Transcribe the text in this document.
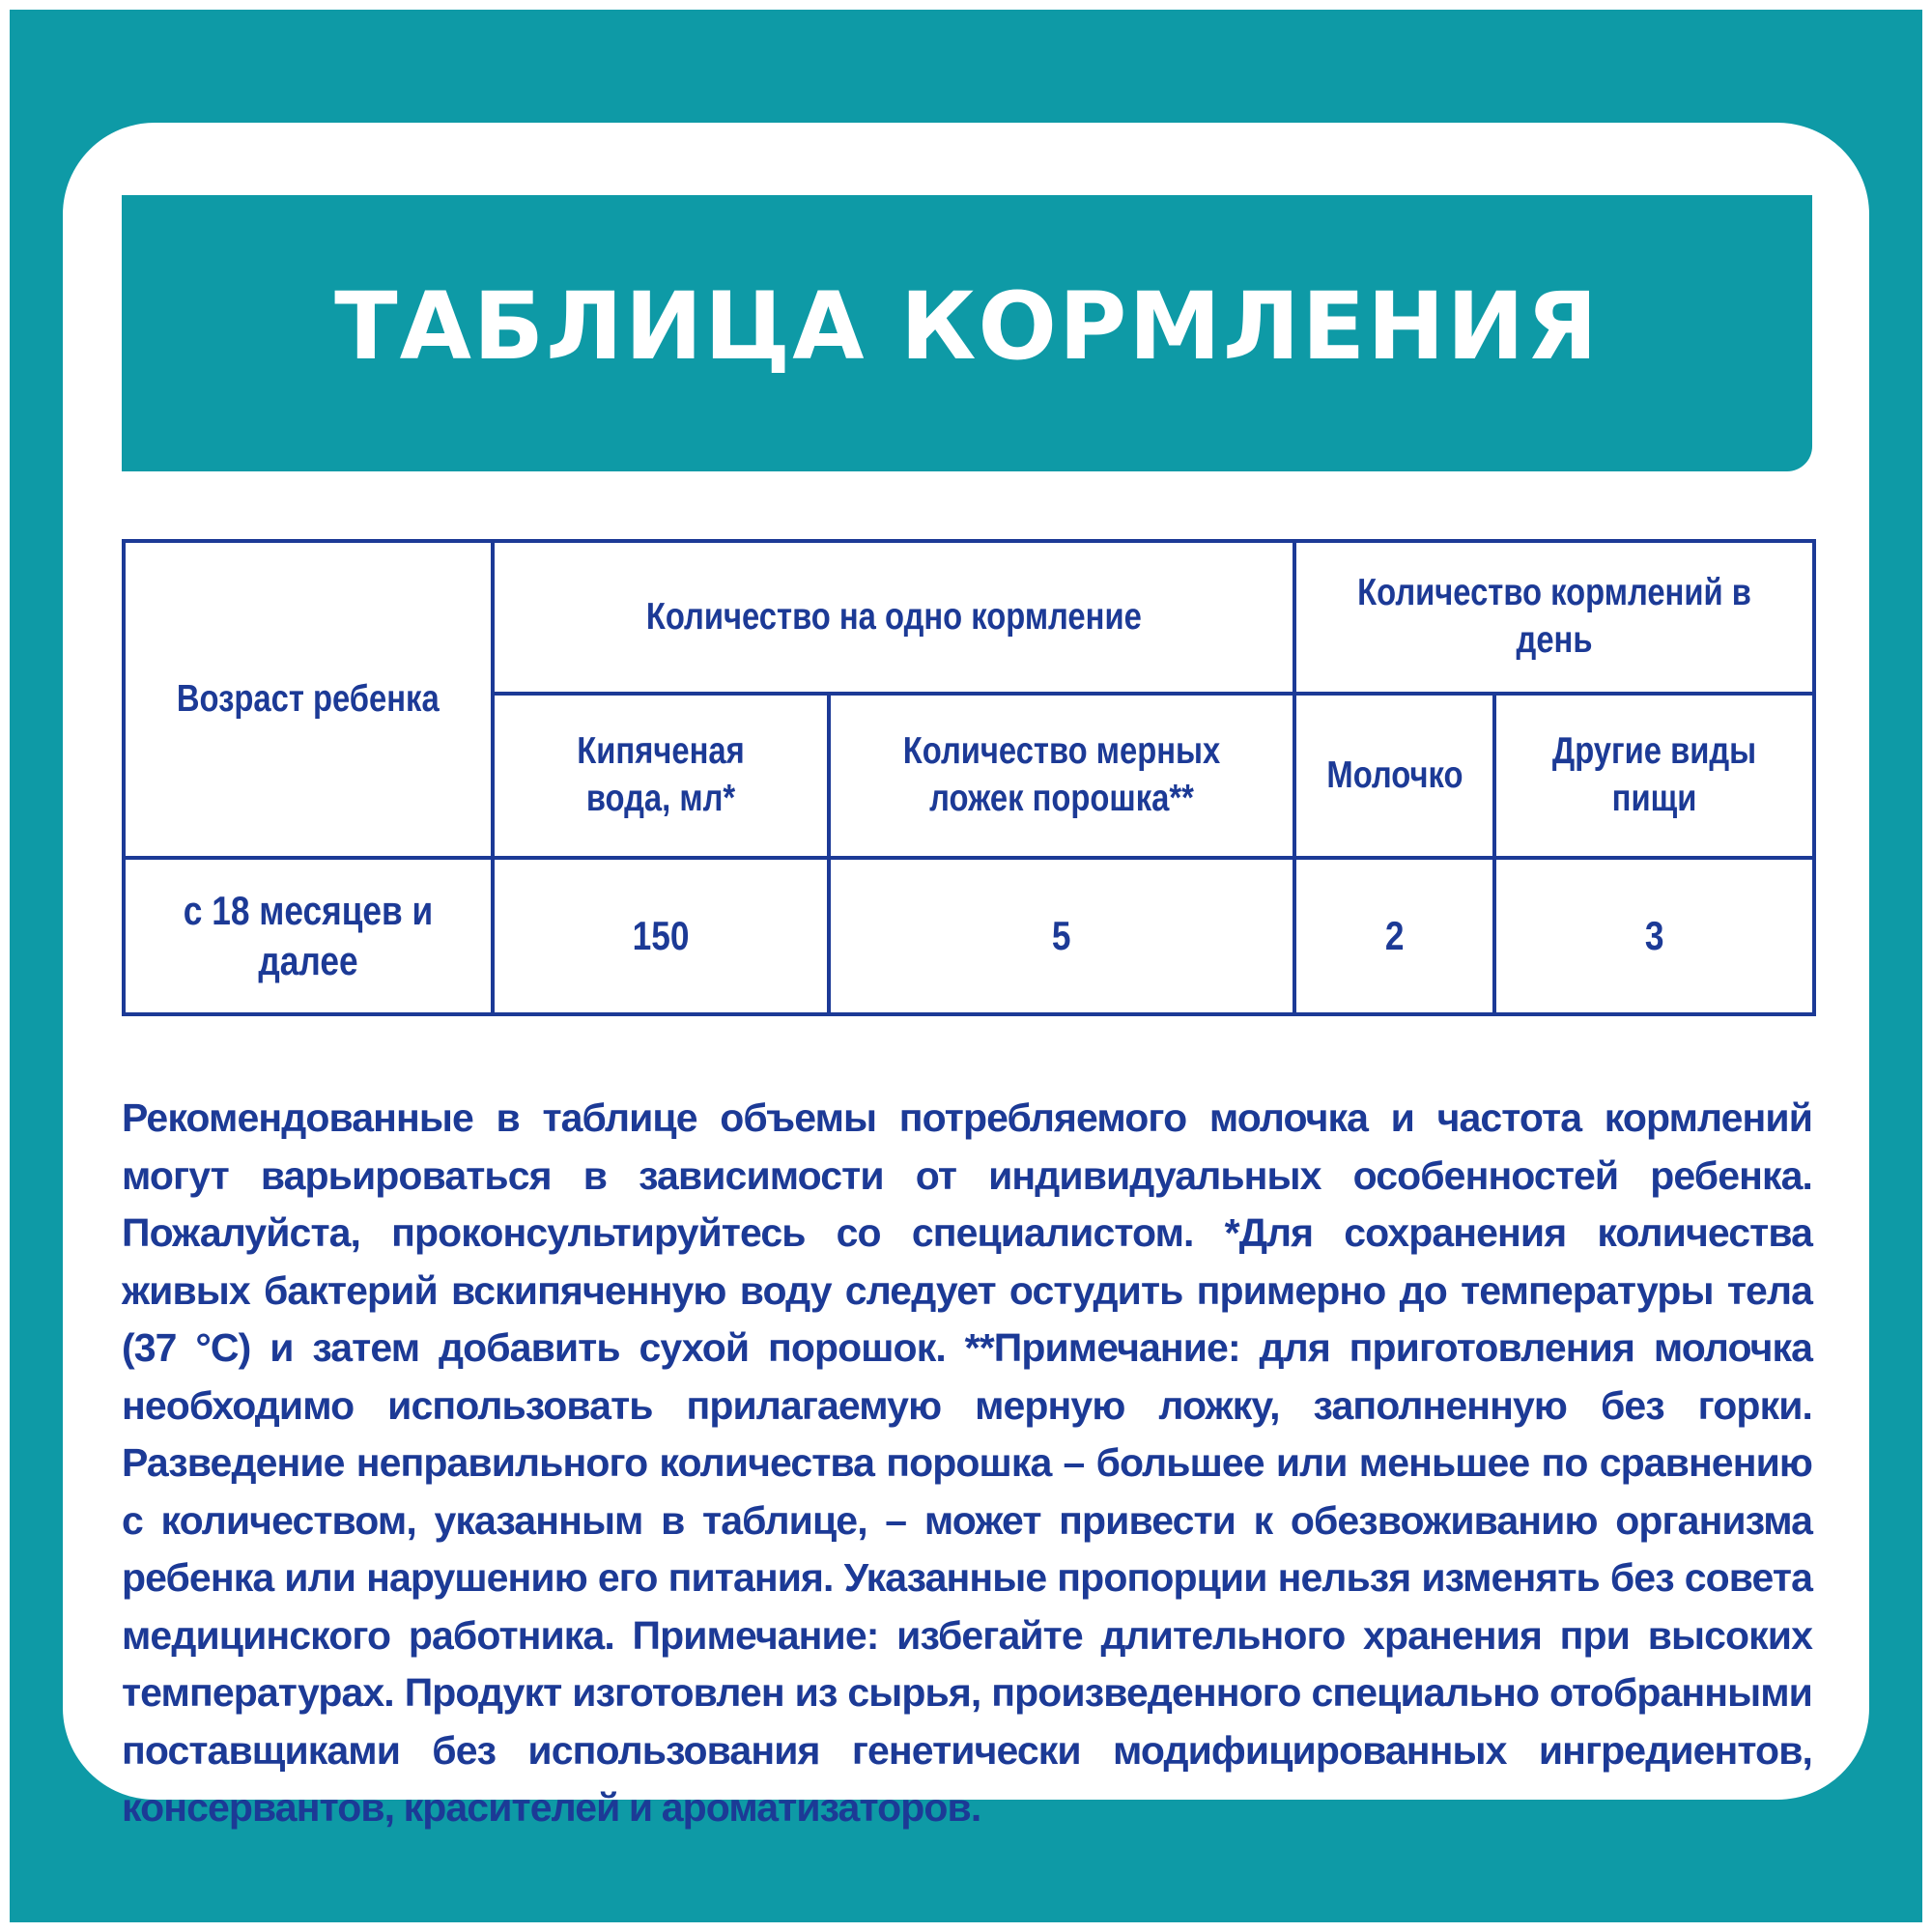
ТАБЛИЦА КОРМЛЕНИЯ
Возраст ребенка	Количество на одно кормление		Количество кормлений в день	
	Кипяченая вода, мл*	Количество мерных ложек порошка**	Молочко	Другие виды пищи
с 18 месяцев и далее	150	5	2	3
Рекомендованные в таблице объемы потребляемого молочка и частота кормлений могут варьироваться в зависимости от индивидуальных особенностей ребенка. Пожалуйста, проконсультируйтесь со специалистом. *Для сохранения количества живых бактерий вскипяченную воду следует остудить примерно до температуры тела (37 °С) и затем добавить сухой порошок. **Примечание: для приготовления молочка необходимо использовать прилагаемую мерную ложку, заполненную без горки. Разведение неправильного количества порошка – большее или меньшее по сравнению с количеством, указанным в таблице, – может привести к обезвоживанию организма ребенка или нарушению его питания. Указанные пропорции нельзя изменять без совета медицинского работника. Примечание: избегайте длительного хранения при высоких температурах. Продукт изготовлен из сырья, произведенного специально отобранными поставщиками без использования генетически модифицированных ингредиентов, консервантов, красителей и ароматизаторов.
